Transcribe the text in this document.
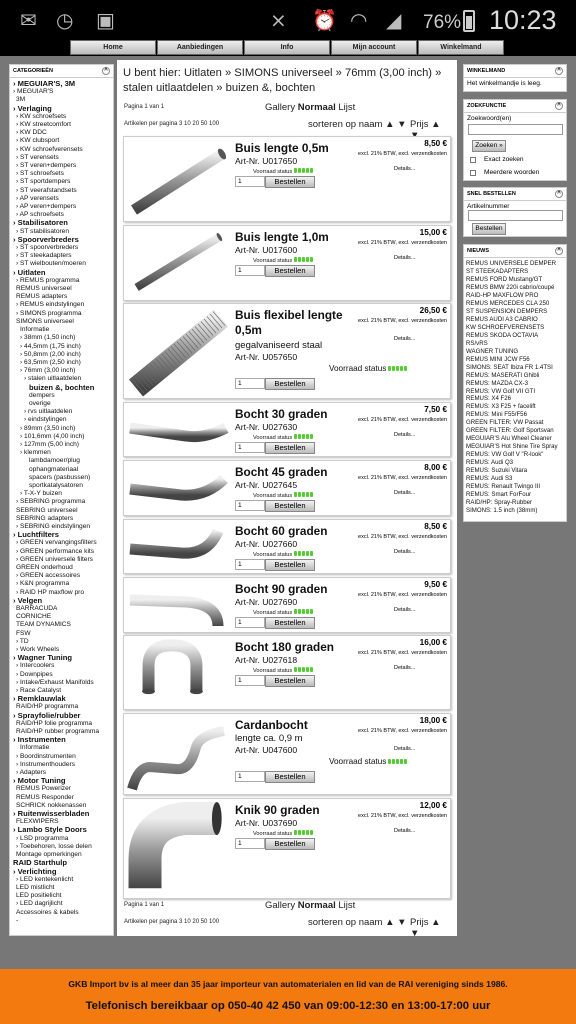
✉ ◷ ▣	⨯ ⏰ ◠ ◢ 76% 10:23
Home	Aanbiedingen	Info	Mijn account	Winkelmand
CATEGORIEËN	^
› MEGUIAR'S, 3M
› MEGUIAR'S
3M
› Verlaging
› KW schroefsets
› KW streetcomfort
› KW DDC
› KW clubsport
› KW schroefverensets
› ST verensets
› ST veren+dempers
› ST schroefsets
› ST sportdempers
› ST veerafstandsets
› AP verensets
› AP veren+dempers
› AP schroefsets
› Stabilisatoren
› ST stabilisatoren
› Spoorverbreders
› ST spoorverbreders
› ST steekadapters
› ST wielbouten/moeren
› Uitlaten
› REMUS programma
REMUS universeel
REMUS adapters
› REMUS eindstylingen
› SIMONS programma
SIMONS universeel
Informatie
› 38mm (1,50 inch)
› 44,5mm (1,75 inch)
› 50,8mm (2,00 inch)
› 63,5mm (2,50 inch)
› 76mm (3,00 inch)
› stalen uitlaatdelen
buizen &, bochten
dempers
overige
› rvs uitlaatdelen
› eindstylingen
› 89mm (3,50 inch)
› 101,6mm (4,00 inch)
› 127mm (5,00 inch)
› klemmen
lambdamoer/plug
ophangmateriaal
spacers (pasbussen)
sportkatalysatoren
› T-X-Y buizen
› SEBRING programma
SEBRING universeel
SEBRING adapters
› SEBRING eindstylingen
› Luchtfilters
› GREEN vervangingsfilters
› GREEN performance kits
› GREEN universele filters
GREEN onderhoud
› GREEN accessoires
› K&N programma
› RAID HP maxflow pro
› Velgen
BARRACUDA
CORNICHE
TEAM DYNAMICS
FSW
› TD
› Work Wheels
› Wagner Tuning
› Intercoolers
› Downpipes
› Intake/Exhaust Manifolds
› Race Catalyst
› Remklauwlak
RAID/HP programma
› Sprayfolie/rubber
RAID/HP folie programma
RAID/HP rubber programma
› Instrumenten
Informatie
› Boordinstrumenten
› Instrumenthouders
› Adapters
› Motor Tuning
REMUS Powerizer
REMUS Responder
SCHRICK nokkenassen
› Ruitenwisserbladen
FLEXWIPERS
› Lambo Style Doors
› LSD programma
› Toebehoren, losse delen
Montage opmerkingen
RAID Starthulp
› Verlichting
› LED kentekenlicht
LED mistlicht
LED positielicht
› LED dagrijlicht
Accessoires & kabels
-
U bent hier: Uitlaten » SIMONS universeel » 76mm (3,00 inch) » stalen uitlaatdelen » buizen &, bochten
Pagina 1 van 1	Gallery Normaal Lijst
Artikelen per pagina 3 10 20 50 100	sorteren op naam ▲ ▼ Prijs ▲
Buis lengte 0,5m
Art-Nr. U017650
Voorraad status
1	Bestellen
8,50 €
excl. 21% BTW, excl. verzendkosten
Details...
Buis lengte 1,0m
Art-Nr. U017600
Voorraad status
1	Bestellen
15,00 €
excl. 21% BTW, excl. verzendkosten
Details...
Buis flexibel lengte
0,5m
gegalvaniseerd staal
Art-Nr. U057650
Voorraad status
1	Bestellen
26,50 €
excl. 21% BTW, excl. verzendkosten
Details...
Bocht 30 graden
Art-Nr. U027630
Voorraad status
1	Bestellen
7,50 €
excl. 21% BTW, excl. verzendkosten
Details...
Bocht 45 graden
Art-Nr. U027645
Voorraad status
1	Bestellen
8,00 €
excl. 21% BTW, excl. verzendkosten
Details...
Bocht 60 graden
Art-Nr. U027660
Voorraad status
1	Bestellen
8,50 €
excl. 21% BTW, excl. verzendkosten
Details...
Bocht 90 graden
Art-Nr. U027690
Voorraad status
1	Bestellen
9,50 €
excl. 21% BTW, excl. verzendkosten
Details...
Bocht 180 graden
Art-Nr. U027618
Voorraad status
1	Bestellen
16,00 €
excl. 21% BTW, excl. verzendkosten
Details...
Cardanbocht
lengte ca. 0,9 m
Art-Nr. U047600
Voorraad status
1	Bestellen
18,00 €
excl. 21% BTW, excl. verzendkosten
Details...
Knik 90 graden
Art-Nr. U037690
Voorraad status
1	Bestellen
12,00 €
excl. 21% BTW, excl. verzendkosten
Details...
Pagina 1 van 1	Gallery Normaal Lijst
Artikelen per pagina 3 10 20 50 100	sorteren op naam ▲ ▼ Prijs ▲ ▼
WINKELMAND	^
Het winkelmandje is leeg.
ZOEKFUNCTIE	^
Zoekwoord(en)
Zoeken »
Exact zoeken
Meerdere woorden
SNEL BESTELLEN	^
Artikelnummer
Bestellen
NIEUWS	^
REMUS UNIVERSELE DEMPER
ST STEEKADAPTERS
REMUS FORD Mustang/GT
REMUS BMW 220i cabrio/coupé
RAID-HP MAXFLOW PRO
REMUS MERCEDES CLA 250
ST SUSPENSION DEMPERS
REMUS AUDI A3 CABRIO
KW SCHROEFVERENSETS
REMUS SKODA OCTAVIA
RS/vRS
WAGNER TUNING
REMUS MINI JCW F56
SIMONS: SEAT Ibiza FR 1.4TSI
REMUS: MASERATI Ghibli
REMUS: MAZDA CX-3
REMUS: VW Golf VII GTI
REMUS: X4 F26
REMUS: X3 F25 + facelift
REMUS: Mini F55/F56
GREEN FILTER: VW Passat
GREEN FILTER: Golf Sportsvan
MEGUIAR'S Alu Wheel Cleaner
MEGUIAR'S Hot Shine Tire Spray
REMUS: VW Golf V "R-look"
REMUS: Audi Q3
REMUS: Suzuki Vitara
REMUS: Audi S3
REMUS: Renault Twingo III
REMUS: Smart ForFour
RAID/HP: Spray-Rubber
SIMONS: 1.5 inch (38mm)
GKB Import bv is al meer dan 35 jaar importeur van automaterialen en lid van de RAI vereniging sinds 1986.
Telefonisch bereikbaar op 050-40 42 450 van 09:00-12:30 en 13:00-17:00 uur
